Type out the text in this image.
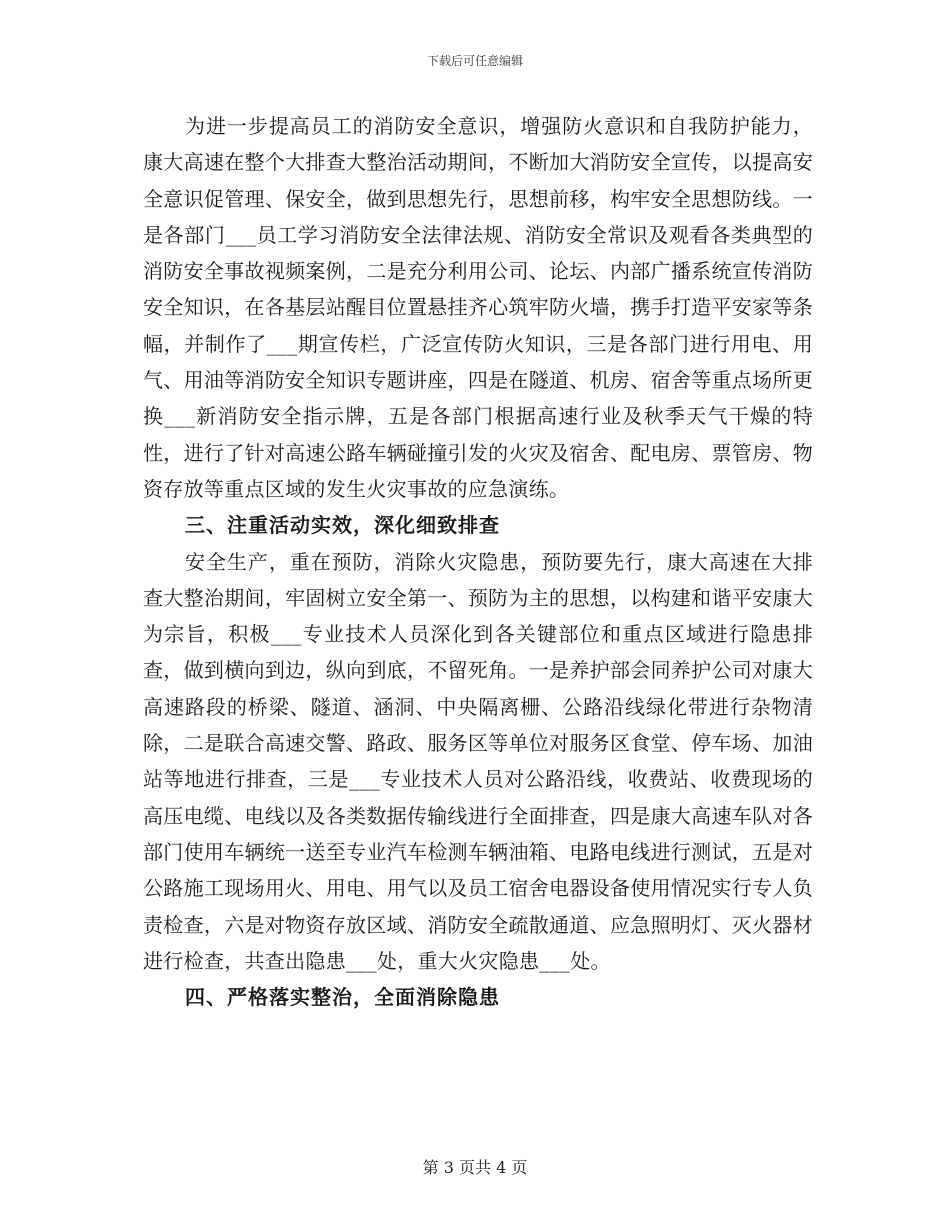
下载后可任意编辑

为进一步提高员工的消防安全意识，增强防火意识和自我防护能力，康大高速在整个大排查大整治活动期间，不断加大消防安全宣传，以提高安全意识促管理、保安全，做到思想先行，思想前移，构牢安全思想防线。一是各部门___员工学习消防安全法律法规、消防安全常识及观看各类典型的消防安全事故视频案例，二是充分利用公司、论坛、内部广播系统宣传消防安全知识，在各基层站醒目位置悬挂齐心筑牢防火墙，携手打造平安家等条幅，并制作了___期宣传栏，广泛宣传防火知识，三是各部门进行用电、用气、用油等消防安全知识专题讲座，四是在隧道、机房、宿舍等重点场所更换___新消防安全指示牌，五是各部门根据高速行业及秋季天气干燥的特性，进行了针对高速公路车辆碰撞引发的火灾及宿舍、配电房、票管房、物资存放等重点区域的发生火灾事故的应急演练。

三、注重活动实效，深化细致排查

安全生产，重在预防，消除火灾隐患，预防要先行，康大高速在大排查大整治期间，牢固树立安全第一、预防为主的思想，以构建和谐平安康大为宗旨，积极___专业技术人员深化到各关键部位和重点区域进行隐患排查，做到横向到边，纵向到底，不留死角。一是养护部会同养护公司对康大高速路段的桥梁、隧道、涵洞、中央隔离栅、公路沿线绿化带进行杂物清除，二是联合高速交警、路政、服务区等单位对服务区食堂、停车场、加油站等地进行排查，三是___专业技术人员对公路沿线，收费站、收费现场的高压电缆、电线以及各类数据传输线进行全面排查，四是康大高速车队对各部门使用车辆统一送至专业汽车检测车辆油箱、电路电线进行测试，五是对公路施工现场用火、用电、用气以及员工宿舍电器设备使用情况实行专人负责检查，六是对物资存放区域、消防安全疏散通道、应急照明灯、灭火器材进行检查，共查出隐患___处，重大火灾隐患___处。

四、严格落实整治，全面消除隐患

第 3 页共 4 页
